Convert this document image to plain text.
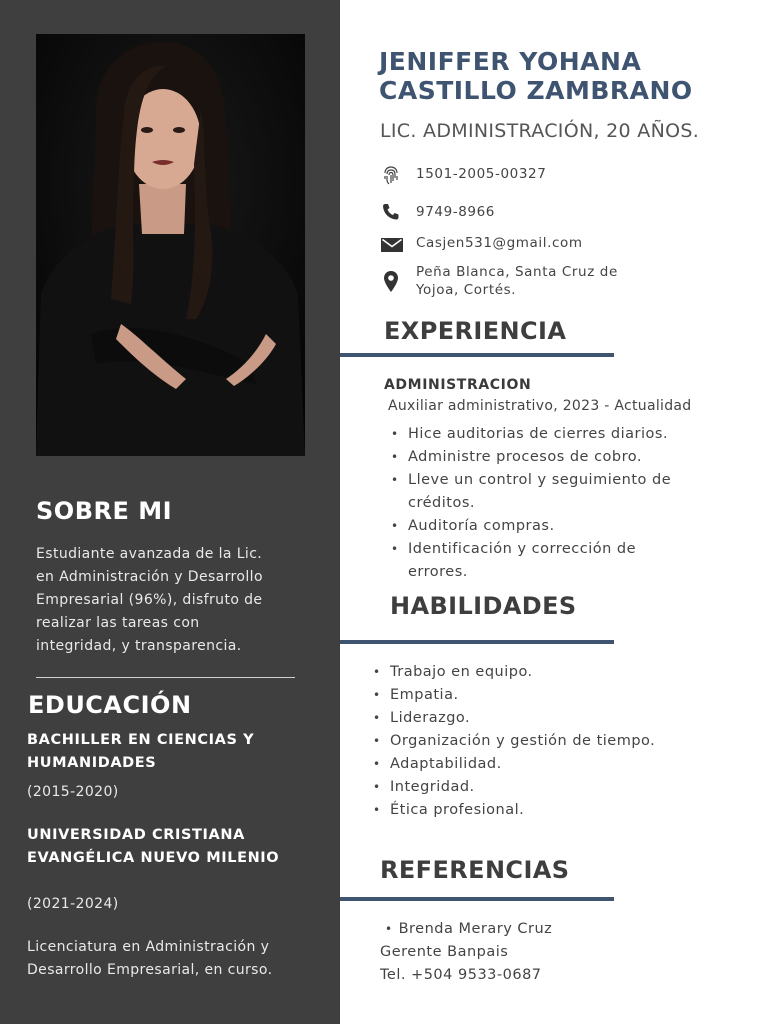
SOBRE MI
Estudiante avanzada de la Lic.
en Administración y Desarrollo
Empresarial (96%), disfruto de
realizar las tareas con
integridad, y transparencia.
EDUCACIÓN
BACHILLER EN CIENCIAS Y
HUMANIDADES
(2015-2020)
UNIVERSIDAD CRISTIANA
EVANGÉLICA NUEVO MILENIO
(2021-2024)
Licenciatura en Administración y
Desarrollo Empresarial, en curso.
JENIFFER YOHANA
CASTILLO ZAMBRANO
LIC. ADMINISTRACIÓN, 20 AÑOS.
1501-2005-00327
9749-8966
Casjen531@gmail.com
Peña Blanca, Santa Cruz de
Yojoa, Cortés.
EXPERIENCIA
ADMINISTRACION
Auxiliar administrativo, 2023 - Actualidad
• Hice auditorias de cierres diarios.
• Administre procesos de cobro.
• Lleve un control y seguimiento de créditos.
• Auditoría compras.
• Identificación y corrección de errores.
HABILIDADES
• Trabajo en equipo.
• Empatia.
• Liderazgo.
• Organización y gestión de tiempo.
• Adaptabilidad.
• Integridad.
• Ética profesional.
REFERENCIAS
• Brenda Merary Cruz
Gerente Banpais
Tel. +504 9533-0687
